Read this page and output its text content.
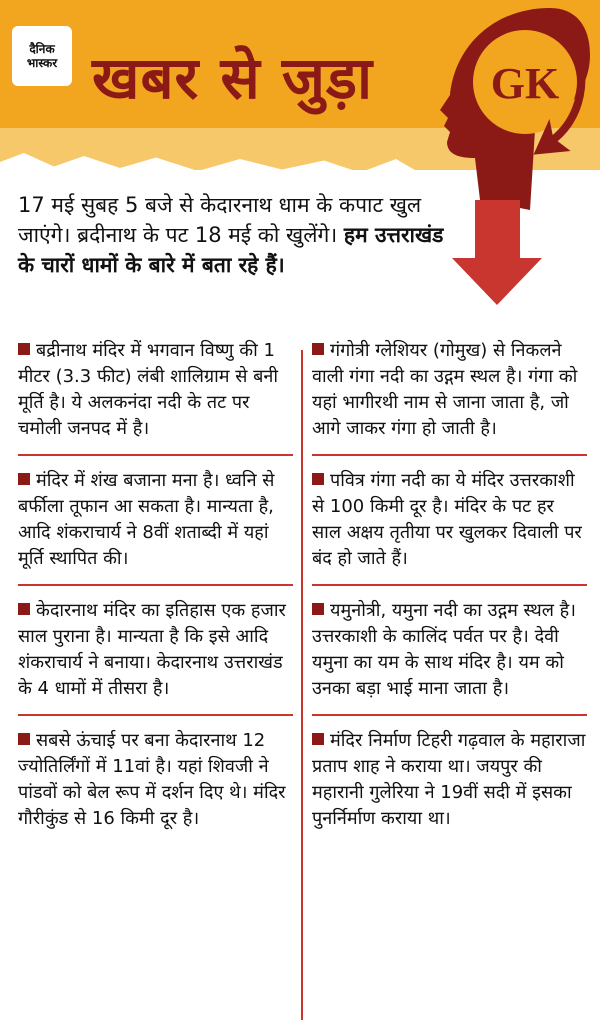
दैनिक
भास्कर खबर से जुड़ा	GK
17 मई सुबह 5 बजे से केदारनाथ धाम के कपाट खुल जाएंगे। ब्रदीनाथ के पट 18 मई को खुलेंगे। हम उत्तराखंड के चारों धामों के बारे में बता रहे हैं।
बद्रीनाथ मंदिर में भगवान विष्णु की 1 मीटर (3.3 फीट) लंबी शालिग्राम से बनी मूर्ति है। ये अलकनंदा नदी के तट पर चमोली जनपद में है।
मंदिर में शंख बजाना मना है। ध्वनि से बर्फीला तूफान आ सकता है। मान्यता है, आदि शंकराचार्य ने 8वीं शताब्दी में यहां मूर्ति स्थापित की।
केदारनाथ मंदिर का इतिहास एक हजार साल पुराना है। मान्यता है कि इसे आदि शंकराचार्य ने बनाया। केदारनाथ उत्तराखंड के 4 धामों में तीसरा है।
सबसे ऊंचाई पर बना केदारनाथ 12 ज्योतिर्लिंगों में 11वां है। यहां शिवजी ने पांडवों को बेल रूप में दर्शन दिए थे। मंदिर गौरीकुंड से 16 किमी दूर है।
गंगोत्री ग्लेशियर (गोमुख) से निकलने वाली गंगा नदी का उद्गम स्थल है। गंगा को यहां भागीरथी नाम से जाना जाता है, जो आगे जाकर गंगा हो जाती है।
पवित्र गंगा नदी का ये मंदिर उत्तरकाशी से 100 किमी दूर है। मंदिर के पट हर साल अक्षय तृतीया पर खुलकर दिवाली पर बंद हो जाते हैं।
यमुनोत्री, यमुना नदी का उद्गम स्थल है। उत्तरकाशी के कालिंद पर्वत पर है। देवी यमुना का यम के साथ मंदिर है। यम को उनका बड़ा भाई माना जाता है।
मंदिर निर्माण टिहरी गढ़वाल के महाराजा प्रताप शाह ने कराया था। जयपुर की महारानी गुलेरिया ने 19वीं सदी में इसका पुनर्निर्माण कराया था।
